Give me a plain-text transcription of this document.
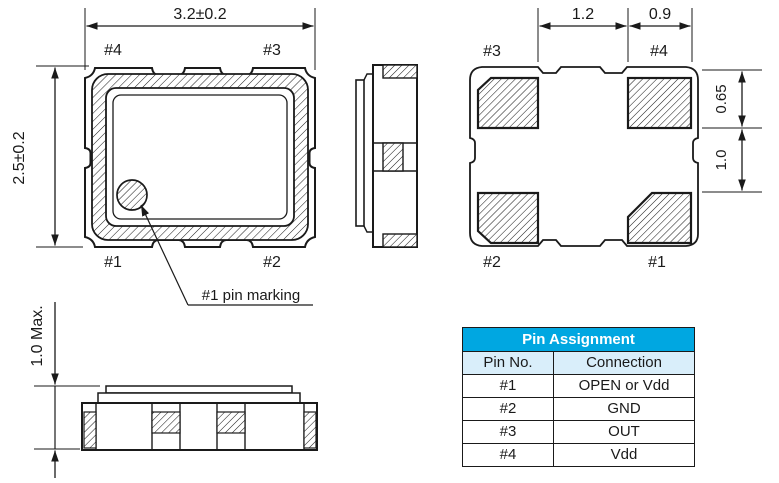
3.2±0.2
2.5±0.2
#4	#3
#1	#2
#1 pin marking
1.2	0.9
0.65
1.0
#3	#4
#2	#1
1.0 Max.	Pin Assignment	
Pin No.	Connection
#1	OPEN or Vdd
#2	GND
#3	OUT
#4	Vdd
